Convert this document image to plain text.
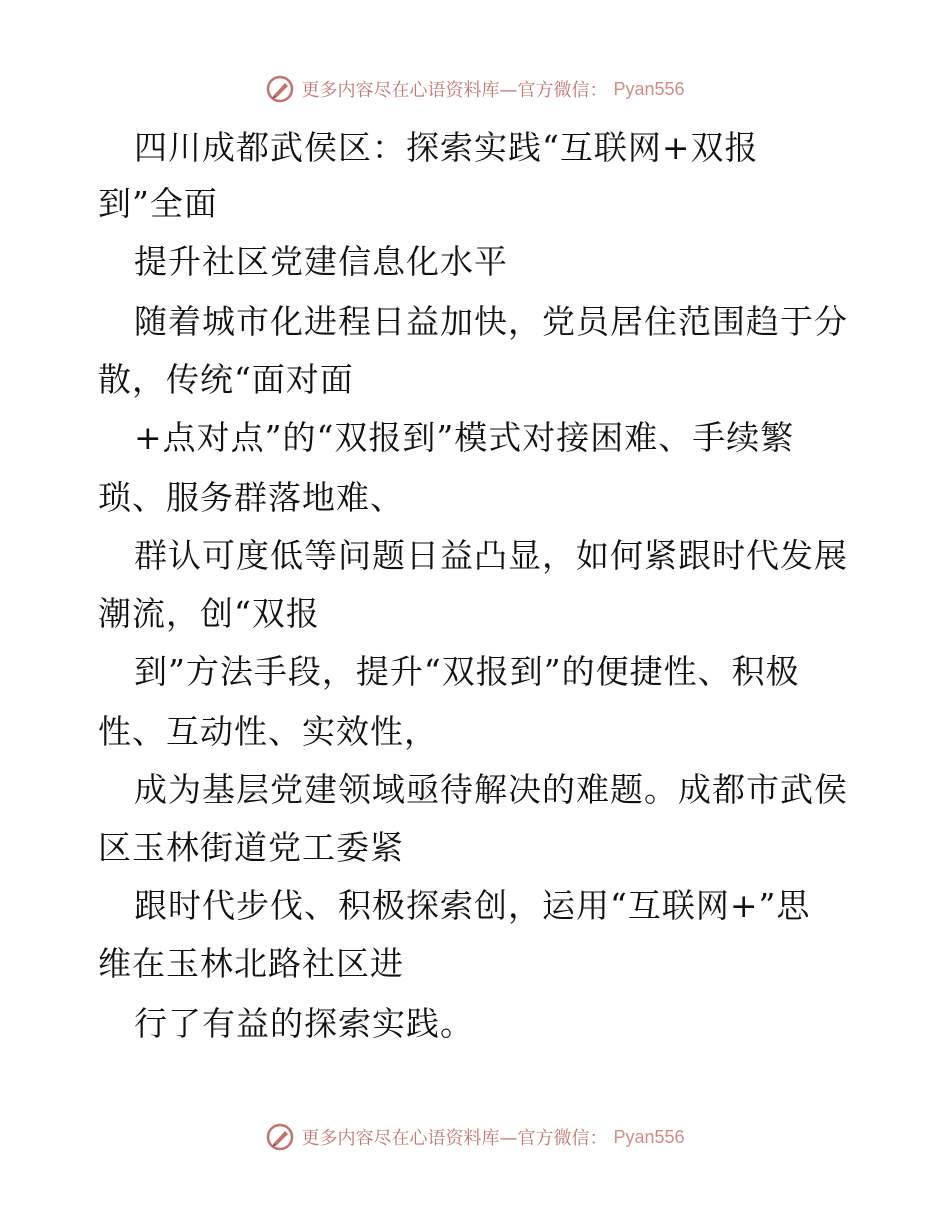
更多内容尽在心语资料库—官方微信： Pyan556
四川成都武侯区：探索实践“互联网+双报
到”全面
提升社区党建信息化水平
随着城市化进程日益加快，党员居住范围趋于分
散，传统“面对面
+点对点”的“双报到”模式对接困难、手续繁
琐、服务群落地难、
群认可度低等问题日益凸显，如何紧跟时代发展
潮流，创“双报
到”方法手段，提升“双报到”的便捷性、积极
性、互动性、实效性，
成为基层党建领域亟待解决的难题。成都市武侯
区玉林街道党工委紧
跟时代步伐、积极探索创，运用“互联网+”思
维在玉林北路社区进
行了有益的探索实践。
更多内容尽在心语资料库—官方微信： Pyan556
